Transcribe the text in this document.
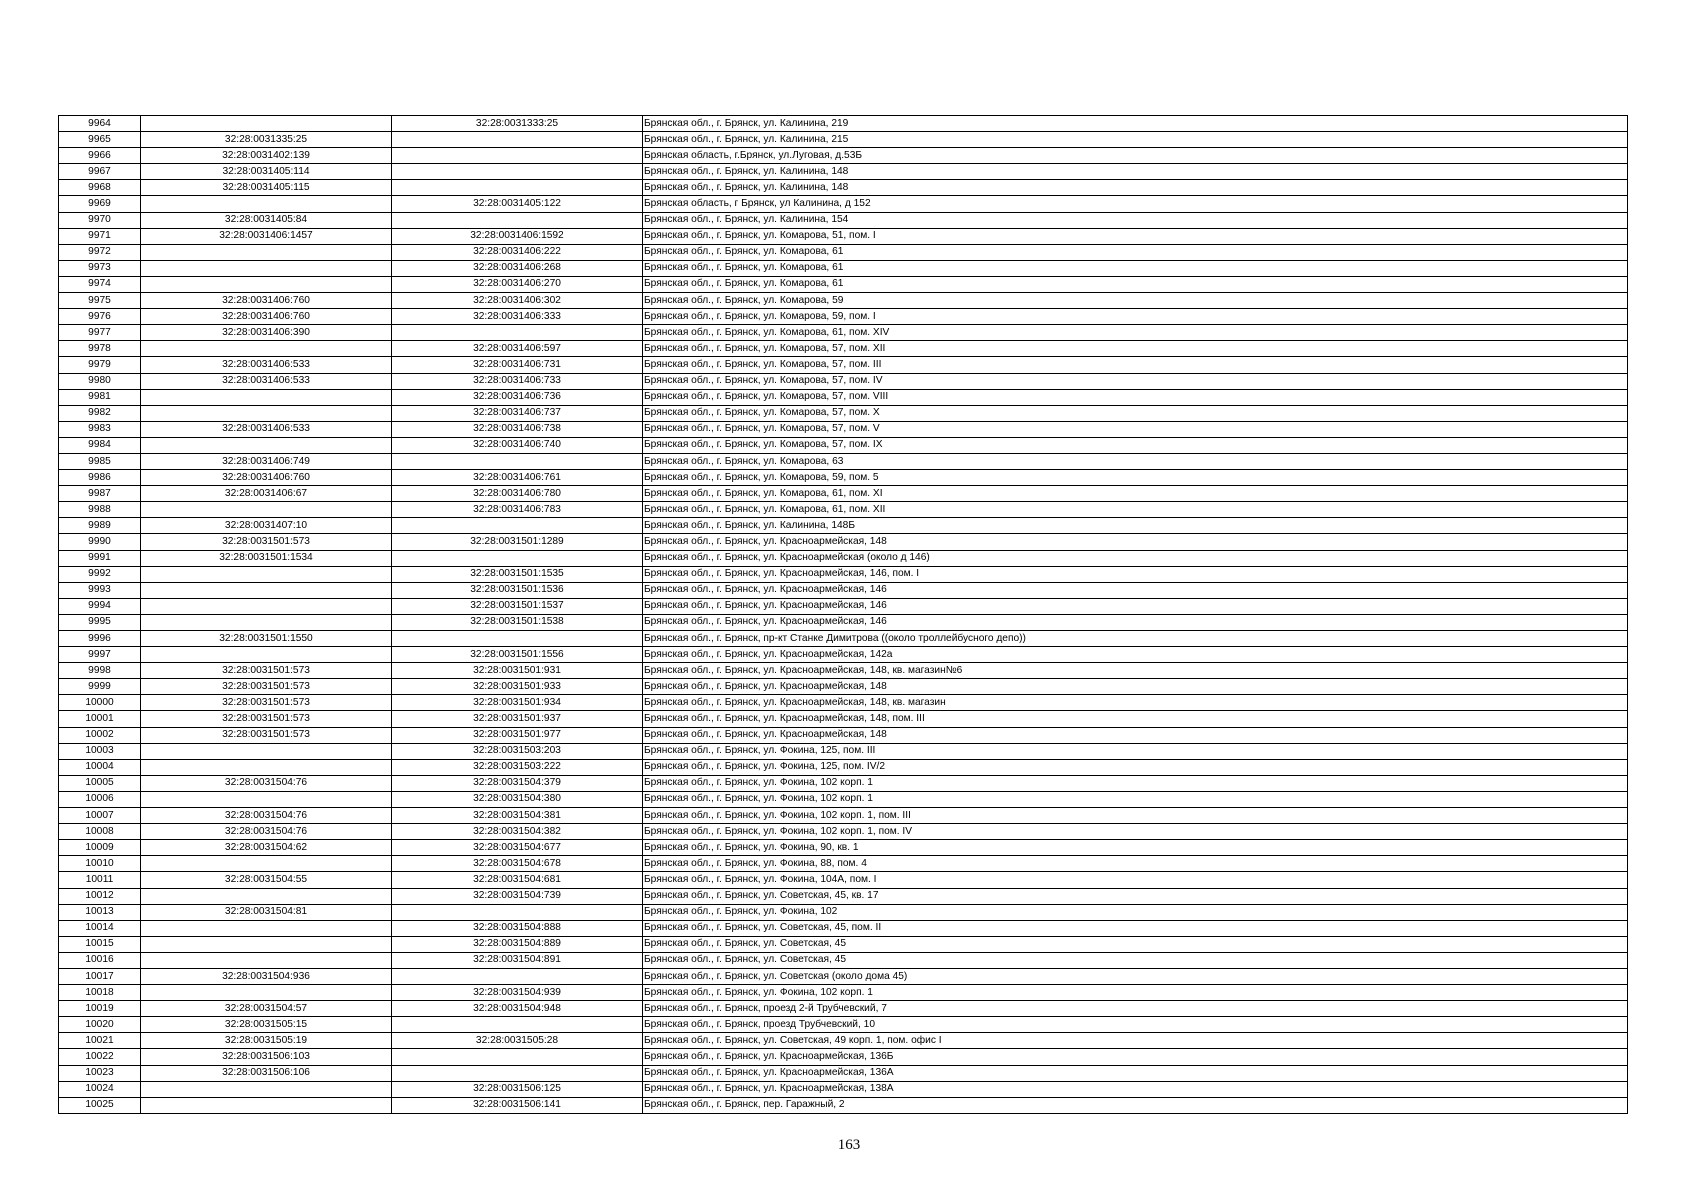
9964		32:28:0031333:25	Брянская обл., г. Брянск, ул. Калинина, 219
9965	32:28:0031335:25		Брянская обл., г. Брянск, ул. Калинина, 215
9966	32:28:0031402:139		Брянская область, г.Брянск, ул.Луговая, д.53Б
9967	32:28:0031405:114		Брянская обл., г. Брянск, ул. Калинина, 148
9968	32:28:0031405:115		Брянская обл., г. Брянск, ул. Калинина, 148
9969		32:28:0031405:122	Брянская область, г Брянск, ул Калинина, д 152
9970	32:28:0031405:84		Брянская обл., г. Брянск, ул. Калинина, 154
9971	32:28:0031406:1457	32:28:0031406:1592	Брянская обл., г. Брянск, ул. Комарова, 51, пом. I
9972		32:28:0031406:222	Брянская обл., г. Брянск, ул. Комарова, 61
9973		32:28:0031406:268	Брянская обл., г. Брянск, ул. Комарова, 61
9974		32:28:0031406:270	Брянская обл., г. Брянск, ул. Комарова, 61
9975	32:28:0031406:760	32:28:0031406:302	Брянская обл., г. Брянск, ул. Комарова, 59
9976	32:28:0031406:760	32:28:0031406:333	Брянская обл., г. Брянск, ул. Комарова, 59, пом. I
9977	32:28:0031406:390		Брянская обл., г. Брянск, ул. Комарова, 61, пом. XIV
9978		32:28:0031406:597	Брянская обл., г. Брянск, ул. Комарова, 57, пом. XII
9979	32:28:0031406:533	32:28:0031406:731	Брянская обл., г. Брянск, ул. Комарова, 57, пом. III
9980	32:28:0031406:533	32:28:0031406:733	Брянская обл., г. Брянск, ул. Комарова, 57, пом. IV
9981		32:28:0031406:736	Брянская обл., г. Брянск, ул. Комарова, 57, пом. VIII
9982		32:28:0031406:737	Брянская обл., г. Брянск, ул. Комарова, 57, пом. X
9983	32:28:0031406:533	32:28:0031406:738	Брянская обл., г. Брянск, ул. Комарова, 57, пом. V
9984		32:28:0031406:740	Брянская обл., г. Брянск, ул. Комарова, 57, пом. IX
9985	32:28:0031406:749		Брянская обл., г. Брянск, ул. Комарова, 63
9986	32:28:0031406:760	32:28:0031406:761	Брянская обл., г. Брянск, ул. Комарова, 59, пом. 5
9987	32:28:0031406:67	32:28:0031406:780	Брянская обл., г. Брянск, ул. Комарова, 61, пом. XI
9988		32:28:0031406:783	Брянская обл., г. Брянск, ул. Комарова, 61, пом. XII
9989	32:28:0031407:10		Брянская обл., г. Брянск, ул. Калинина, 148Б
9990	32:28:0031501:573	32:28:0031501:1289	Брянская обл., г. Брянск, ул. Красноармейская, 148
9991	32:28:0031501:1534		Брянская обл., г. Брянск, ул. Красноармейская (около д 146)
9992		32:28:0031501:1535	Брянская обл., г. Брянск, ул. Красноармейская, 146, пом. I
9993		32:28:0031501:1536	Брянская обл., г. Брянск, ул. Красноармейская, 146
9994		32:28:0031501:1537	Брянская обл., г. Брянск, ул. Красноармейская, 146
9995		32:28:0031501:1538	Брянская обл., г. Брянск, ул. Красноармейская, 146
9996	32:28:0031501:1550		Брянская обл., г. Брянск, пр-кт Станке Димитрова ((около троллейбусного депо))
9997		32:28:0031501:1556	Брянская обл., г. Брянск, ул. Красноармейская, 142а
9998	32:28:0031501:573	32:28:0031501:931	Брянская обл., г. Брянск, ул. Красноармейская, 148, кв. магазин№6
9999	32:28:0031501:573	32:28:0031501:933	Брянская обл., г. Брянск, ул. Красноармейская, 148
10000	32:28:0031501:573	32:28:0031501:934	Брянская обл., г. Брянск, ул. Красноармейская, 148, кв. магазин
10001	32:28:0031501:573	32:28:0031501:937	Брянская обл., г. Брянск, ул. Красноармейская, 148, пом. III
10002	32:28:0031501:573	32:28:0031501:977	Брянская обл., г. Брянск, ул. Красноармейская, 148
10003		32:28:0031503:203	Брянская обл., г. Брянск, ул. Фокина, 125, пом. III
10004		32:28:0031503:222	Брянская обл., г. Брянск, ул. Фокина, 125, пом. IV/2
10005	32:28:0031504:76	32:28:0031504:379	Брянская обл., г. Брянск, ул. Фокина, 102 корп. 1
10006		32:28:0031504:380	Брянская обл., г. Брянск, ул. Фокина, 102 корп. 1
10007	32:28:0031504:76	32:28:0031504:381	Брянская обл., г. Брянск, ул. Фокина, 102 корп. 1, пом. III
10008	32:28:0031504:76	32:28:0031504:382	Брянская обл., г. Брянск, ул. Фокина, 102 корп. 1, пом. IV
10009	32:28:0031504:62	32:28:0031504:677	Брянская обл., г. Брянск, ул. Фокина, 90, кв. 1
10010		32:28:0031504:678	Брянская обл., г. Брянск, ул. Фокина, 88, пом. 4
10011	32:28:0031504:55	32:28:0031504:681	Брянская обл., г. Брянск, ул. Фокина, 104А, пом. I
10012		32:28:0031504:739	Брянская обл., г. Брянск, ул. Советская, 45, кв. 17
10013	32:28:0031504:81		Брянская обл., г. Брянск, ул. Фокина, 102
10014		32:28:0031504:888	Брянская обл., г. Брянск, ул. Советская, 45, пом. II
10015		32:28:0031504:889	Брянская обл., г. Брянск, ул. Советская, 45
10016		32:28:0031504:891	Брянская обл., г. Брянск, ул. Советская, 45
10017	32:28:0031504:936		Брянская обл., г. Брянск, ул. Советская (около дома 45)
10018		32:28:0031504:939	Брянская обл., г. Брянск, ул. Фокина, 102 корп. 1
10019	32:28:0031504:57	32:28:0031504:948	Брянская обл., г. Брянск, проезд 2-й Трубчевский, 7
10020	32:28:0031505:15		Брянская обл., г. Брянск, проезд Трубчевский, 10
10021	32:28:0031505:19	32:28:0031505:28	Брянская обл., г. Брянск, ул. Советская, 49 корп. 1, пом. офис I
10022	32:28:0031506:103		Брянская обл., г. Брянск, ул. Красноармейская, 136Б
10023	32:28:0031506:106		Брянская обл., г. Брянск, ул. Красноармейская, 136А
10024		32:28:0031506:125	Брянская обл., г. Брянск, ул. Красноармейская, 138А
10025		32:28:0031506:141	Брянская обл., г. Брянск, пер. Гаражный, 2
163
